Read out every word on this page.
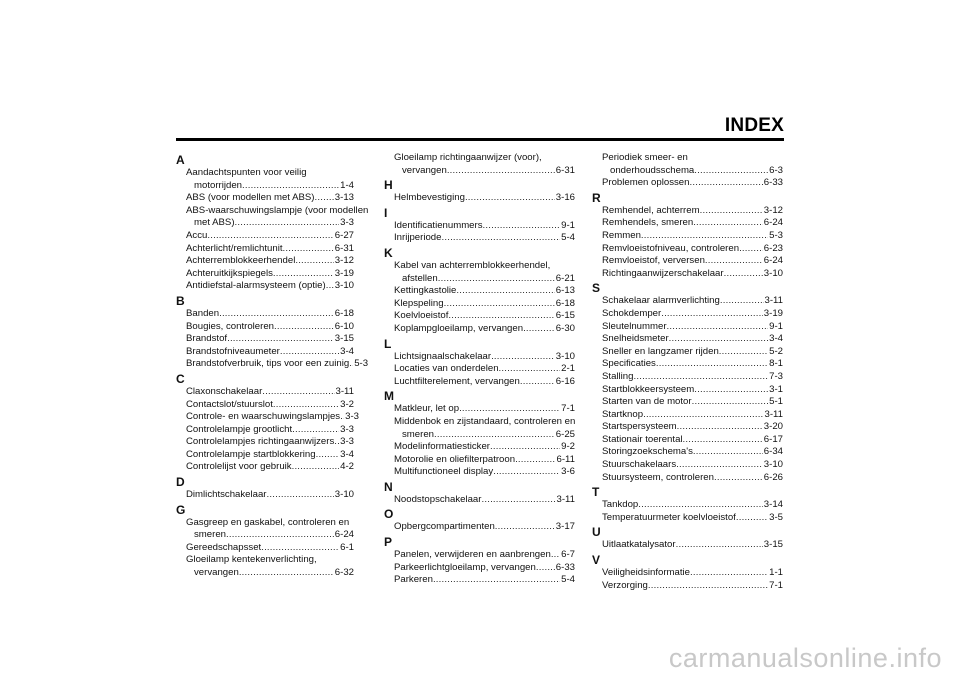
INDEX
A
Aandachtspunten voor veilig
motorrijden .....	1-4
ABS (voor modellen met ABS) ..... 3-13
ABS-waarschuwingslampje (voor modellen
met ABS) .....	3-3
Accu .....	6-27
Achterlicht/remlichtunit .....	6-31
Achterremblokkeerhendel .....	3-12
Achteruitkijkspiegels .....	3-19
Antidiefstal-alarmsysteem (optie) ..... 3-10
B
Banden .....	6-18
Bougies, controleren .....	6-10
Brandstof .....	3-15
Brandstofniveaumeter .....	3-4
Brandstofverbruik, tips voor een zuinig ..... 5-3
C
Claxonschakelaar .....	3-11
Contactslot/stuurslot .....	3-2
Controle- en waarschuwingslampjes ..... 3-3
Controlelampje grootlicht .....	3-3
Controlelampjes richtingaanwijzers ..... 3-3
Controlelampje startblokkering .....	3-4
Controlelijst voor gebruik .....	4-2
D
Dimlichtschakelaar .....	3-10
G
Gasgreep en gaskabel, controleren en
smeren .....	6-24
Gereedschapsset .....	6-1
Gloeilamp kentekenverlichting,
vervangen .....	6-32
Gloeilamp richtingaanwijzer (voor),
vervangen .....	6-31
H
Helmbevestiging .....	3-16
I
Identificatienummers .....	9-1
Inrijperiode .....	5-4
K
Kabel van achterremblokkeerhendel,
afstellen .....	6-21
Kettingkastolie .....	6-13
Klepspeling .....	6-18
Koelvloeistof .....	6-15
Koplampgloeilamp, vervangen .....	6-30
L
Lichtsignaalschakelaar .....	3-10
Locaties van onderdelen .....	2-1
Luchtfilterelement, vervangen .....	6-16
M
Matkleur, let op .....	7-1
Middenbok en zijstandaard, controleren en
smeren .....	6-25
Modelinformatiesticker .....	9-2
Motorolie en oliefilterpatroon .....	6-11
Multifunctioneel display .....	3-6
N
Noodstopschakelaar .....	3-11
O
Opbergcompartimenten .....	3-17
P
Panelen, verwijderen en aanbrengen ..... 6-7
Parkeerlichtgloeilamp, vervangen ..... 6-33
Parkeren .....	5-4
Periodiek smeer- en
onderhoudsschema .....	6-3
Problemen oplossen .....	6-33
R
Remhendel, achterrem .....	3-12
Remhendels, smeren .....	6-24
Remmen .....	5-3
Remvloeistofniveau, controleren .....	6-23
Remvloeistof, verversen .....	6-24
Richtingaanwijzerschakelaar .....	3-10
S
Schakelaar alarmverlichting .....	3-11
Schokdemper .....	3-19
Sleutelnummer .....	9-1
Snelheidsmeter .....	3-4
Sneller en langzamer rijden .....	5-2
Specificaties .....	8-1
Stalling .....	7-3
Startblokkeersysteem .....	3-1
Starten van de motor .....	5-1
Startknop .....	3-11
Startspersysteem .....	3-20
Stationair toerental .....	6-17
Storingzoekschema's .....	6-34
Stuurschakelaars .....	3-10
Stuursysteem, controleren .....	6-26
T
Tankdop .....	3-14
Temperatuurmeter koelvloeistof .....	3-5
U
Uitlaatkatalysator .....	3-15
V
Veiligheidsinformatie .....	1-1
Verzorging .....	7-1
carmanualsonline.info
